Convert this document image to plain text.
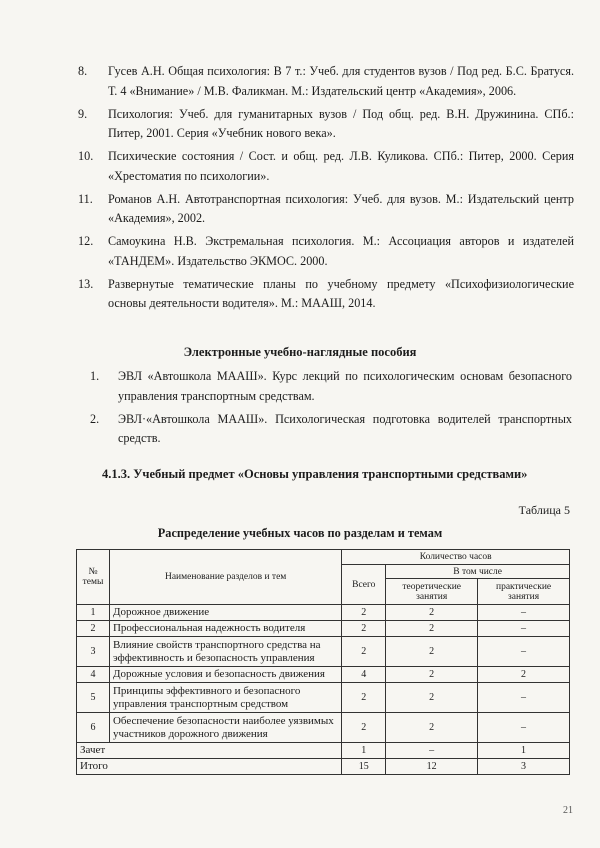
8.	Гусев А.Н. Общая психология: В 7 т.: Учеб. для студентов вузов / Под ред. Б.С. Братуся. Т. 4 «Внимание» / М.В. Фаликман. М.: Издательский центр «Академия», 2006.
9.	Психология: Учеб. для гуманитарных вузов / Под общ. ред. В.Н. Дружинина. СПб.: Питер, 2001. Серия «Учебник нового века».
10.	Психические состояния / Сост. и общ. ред. Л.В. Куликова. СПб.: Питер, 2000. Серия «Хрестоматия по психологии».
11.	Романов А.Н. Автотранспортная психология: Учеб. для вузов. М.: Издательский центр «Академия», 2002.
12.	Самоукина Н.В. Экстремальная психология. М.: Ассоциация авторов и издателей «ТАНДЕМ». Издательство ЭКМОС. 2000.
13.	Развернутые тематические планы по учебному предмету «Психофизиологические основы деятельности водителя». М.: МААШ, 2014.
Электронные учебно-наглядные пособия
1.	ЭВЛ «Автошкола МААШ». Курс лекций по психологическим основам безопасного управления транспортным средствам.
2.	ЭВЛ·«Автошкола МААШ». Психологическая подготовка водителей транспортных средств.
4.1.3. Учебный предмет «Основы управления транспортными средствами»
Таблица 5
Распределение учебных часов по разделам и темам
№ темы	Наименование разделов и тем	Количество часов		
		Всего	В том числе	
			теоретические занятия	практические занятия
1	Дорожное движение	2	2	–
2	Профессиональная надежность водителя	2	2	–
3	Влияние свойств транспортного средства на эффективность и безопасность управления	2	2	–
4	Дорожные условия и безопасность движения	4	2	2
5	Принципы эффективного и безопасного управления транспортным средством	2	2	–
6	Обеспечение безопасности наиболее уязвимых участников дорожного движения	2	2	–
Зачет		1	–	1
Итого		15	12	3
21
